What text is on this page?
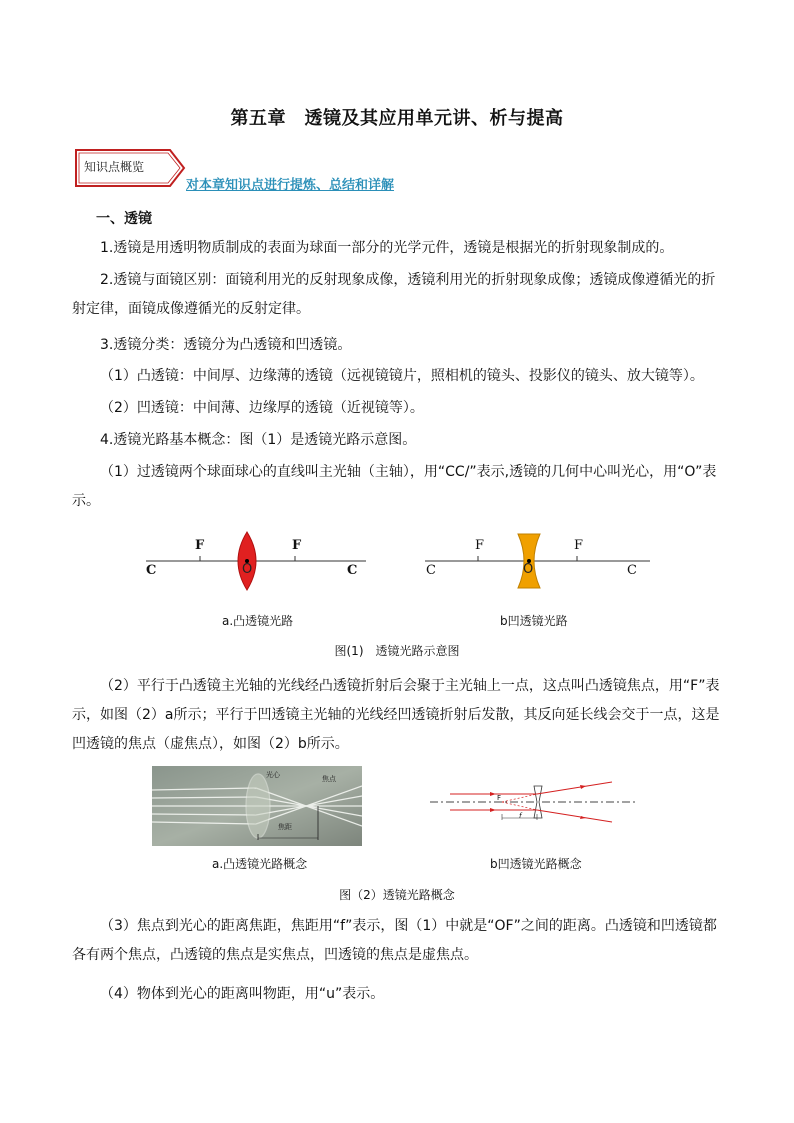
第五章　透镜及其应用单元讲、析与提高
知识点概览
对本章知识点进行提炼、总结和详解
一、透镜
1.透镜是用透明物质制成的表面为球面一部分的光学元件，透镜是根据光的折射现象制成的。
2.透镜与面镜区别：面镜利用光的反射现象成像，透镜利用光的折射现象成像；透镜成像遵循光的折射定律，面镜成像遵循光的反射定律。
3.透镜分类：透镜分为凸透镜和凹透镜。
（1）凸透镜：中间厚、边缘薄的透镜（远视镜镜片，照相机的镜头、投影仪的镜头、放大镜等）。
（2）凹透镜：中间薄、边缘厚的透镜（近视镜等）。
4.透镜光路基本概念：图（1）是透镜光路示意图。
（1）过透镜两个球面球心的直线叫主光轴（主轴），用“CC/”表示,透镜的几何中心叫光心，用“O”表示。
F	F
C	C
O
F	F
C	C
O
a.凸透镜光路	b凹透镜光路
图(1)　透镜光路示意图
（2）平行于凸透镜主光轴的光线经凸透镜折射后会聚于主光轴上一点，这点叫凸透镜焦点，用“F”表示，如图（2）a所示；平行于凹透镜主光轴的光线经凹透镜折射后发散，其反向延长线会交于一点，这是凹透镜的焦点（虚焦点），如图（2）b所示。
光心	焦点
焦距
F
f
a.凸透镜光路概念	b凹透镜光路概念
图（2）透镜光路概念
（3）焦点到光心的距离焦距，焦距用“f”表示，图（1）中就是“OF”之间的距离。凸透镜和凹透镜都各有两个焦点，凸透镜的焦点是实焦点，凹透镜的焦点是虚焦点。
（4）物体到光心的距离叫物距，用“u”表示。
